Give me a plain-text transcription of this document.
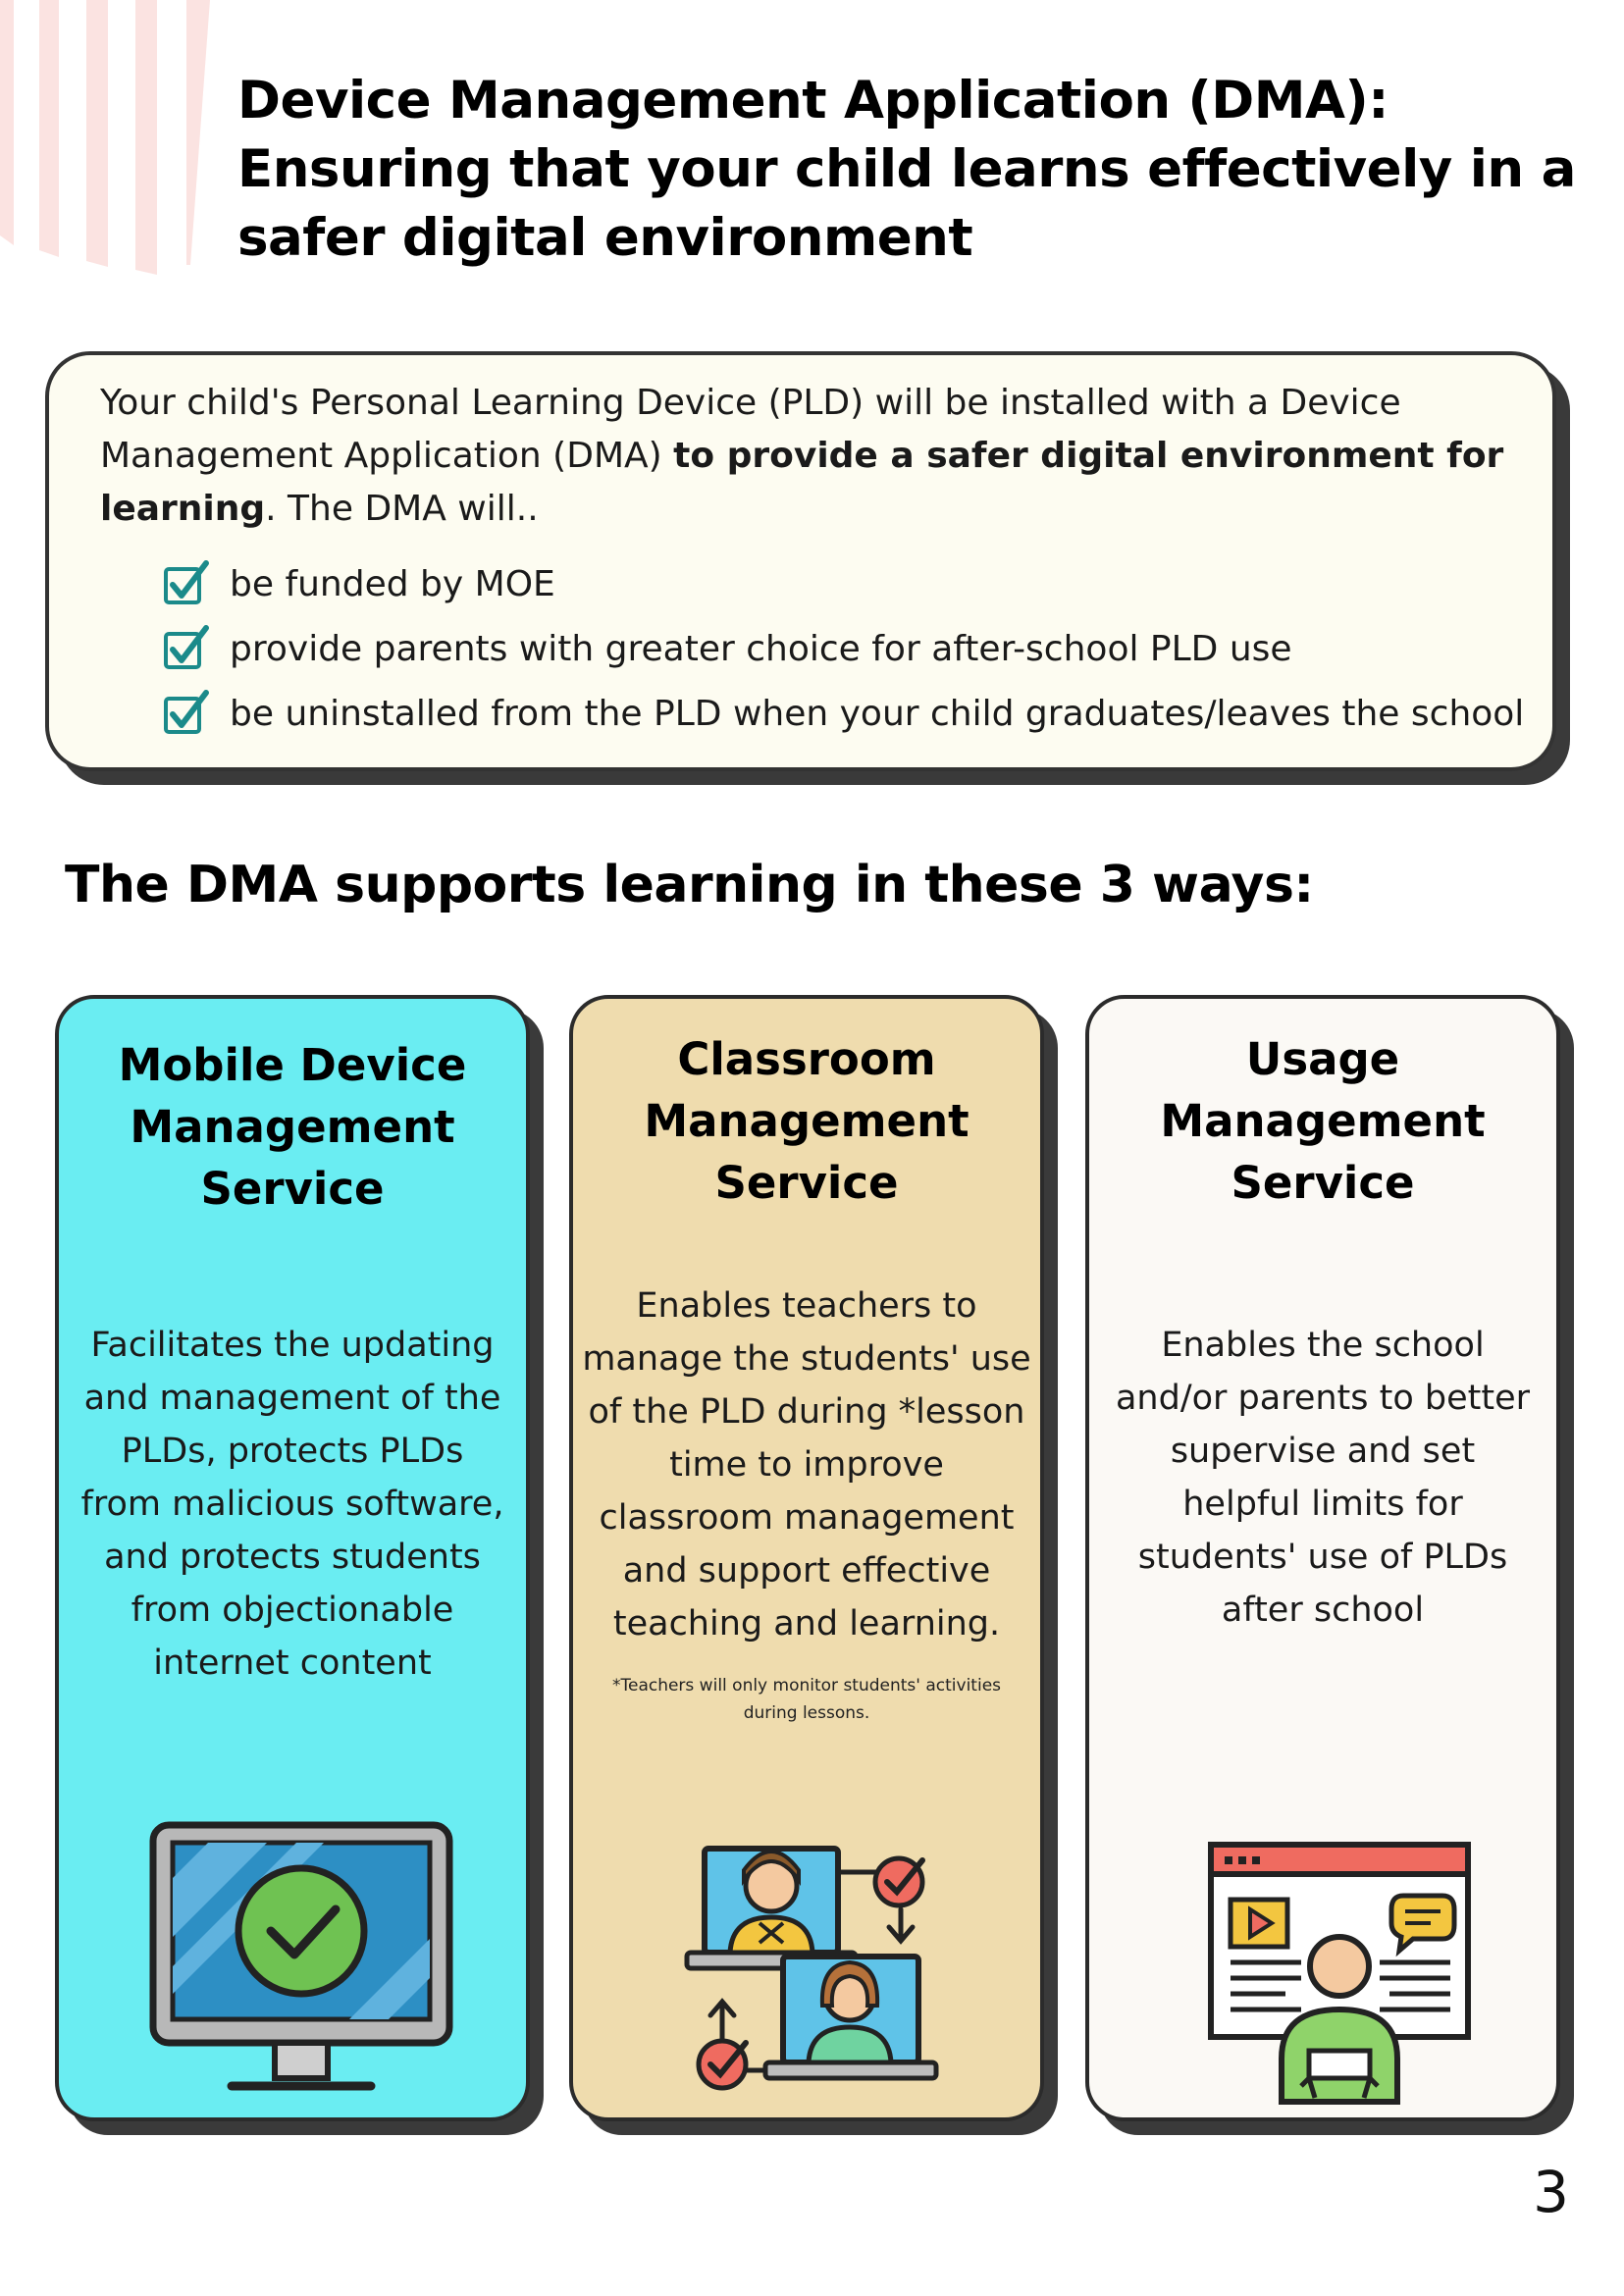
Device Management Application (DMA):
Ensuring that your child learns effectively in a
safer digital environment
Your child's Personal Learning Device (PLD) will be installed with a Device
Management Application (DMA) to provide a safer digital environment for
learning. The DMA will..
be funded by MOE
provide parents with greater choice for after-school PLD use
be uninstalled from the PLD when your child graduates/leaves the school
The DMA supports learning in these 3 ways:
Mobile Device
Management
Service
Facilitates the updating
and management of the
PLDs, protects PLDs
from malicious software,
and protects students
from objectionable
internet content
Classroom
Management
Service
Enables teachers to
manage the students' use
of the PLD during *lesson
time to improve
classroom management
and support effective
teaching and learning.
*Teachers will only monitor students' activities
during lessons.
Usage
Management
Service
Enables the school
and/or parents to better
supervise and set
helpful limits for
students' use of PLDs
after school
3
